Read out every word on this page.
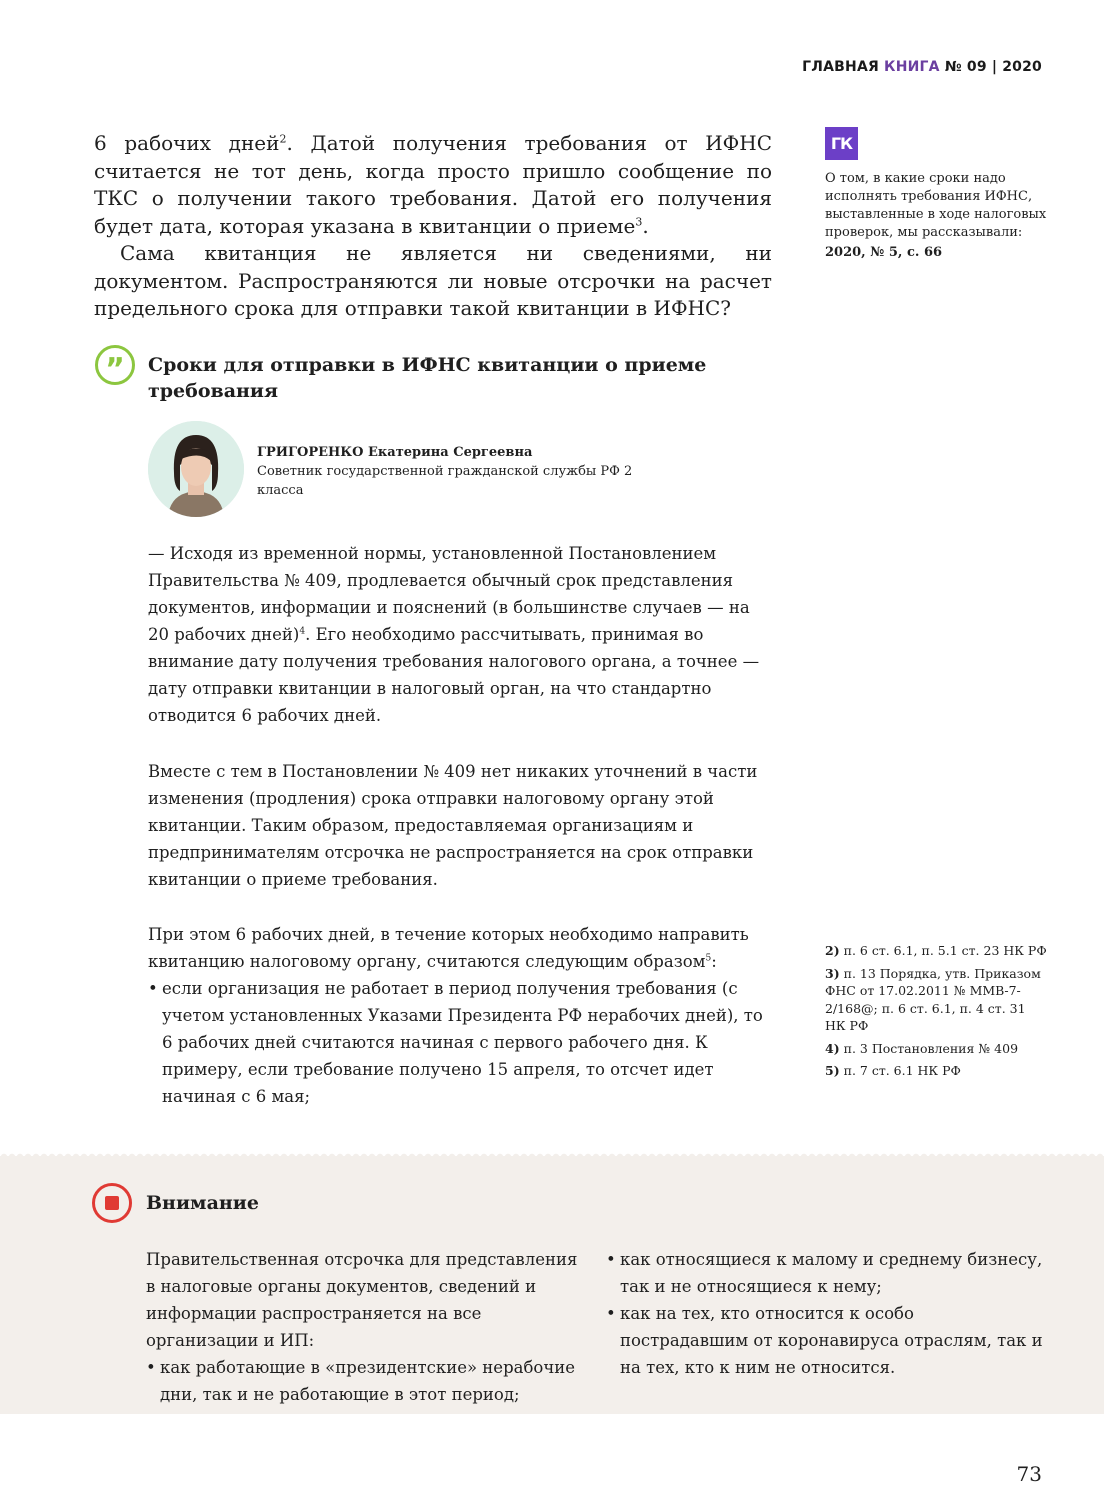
ГЛАВНАЯ КНИГА № 09 | 2020

6 рабочих дней$^2$. Датой получения требования от ИФНС считается не тот день, когда просто пришло сообщение по ТКС о получении такого требования. Датой его получения будет дата, которая указана в квитанции о приеме$^3$.

Сама квитанция не является ни сведениями, ни документом. Распространяются ли новые отсрочки на расчет предельного срока для отправки такой квитанции в ИФНС?

ГК
О том, в какие сроки надо исполнять требования ИФНС, выставленные в ходе налоговых проверок, мы рассказывали:
2020, № 5, с. 66
”	Сроки для отправки в ИФНС квитанции о приеме требования
ГРИГОРЕНКО Екатерина Сергеевна
Советник государственной гражданской службы РФ 2 класса

— Исходя из временной нормы, установленной Постановлением Правительства № 409, продлевается обычный срок представления документов, информации и пояснений (в большинстве случаев — на 20 рабочих дней)$^4$. Его необходимо рассчитывать, принимая во внимание дату получения требования налогового органа, а точнее — дату отправки квитанции в налоговый орган, на что стандартно отводится 6 рабочих дней.

Вместе с тем в Постановлении № 409 нет никаких уточнений в части изменения (продления) срока отправки налоговому органу этой квитанции. Таким образом, предоставляемая организациям и предпринимателям отсрочка не распространяется на срок отправки квитанции о приеме требования.

При этом 6 рабочих дней, в течение которых необходимо направить квитанцию налоговому органу, считаются следующим образом$^5$:

• если организация не работает в период получения требования (с учетом установленных Указами Президента РФ нерабочих дней), то 6 рабочих дней считаются начиная с первого рабочего дня. К примеру, если требование получено 15 апреля, то отсчет идет начиная с 6 мая;
2) п. 6 ст. 6.1, п. 5.1 ст. 23 НК РФ
3) п. 13 Порядка, утв. Приказом ФНС от 17.02.2011 № ММВ-7-2/168@; п. 6 ст. 6.1, п. 4 ст. 31 НК РФ
4) п. 3 Постановления № 409
5) п. 7 ст. 6.1 НК РФ
Внимание

Правительственная отсрочка для представления в налоговые органы документов, сведений и информации распространяется на все организации и ИП:

• как работающие в «президентские» нерабочие дни, так и не работающие в этот период;
• как относящиеся к малому и среднему бизнесу, так и не относящиеся к нему;
• как на тех, кто относится к особо пострадавшим от коронавируса отраслям, так и на тех, кто к ним не относится.
73
